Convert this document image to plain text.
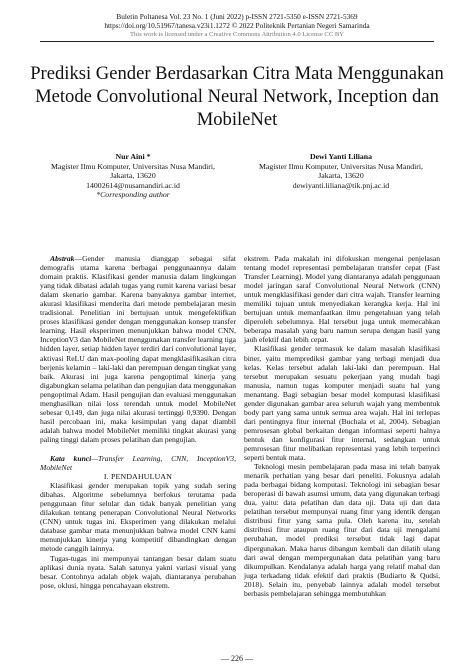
Buletin Poltanesa Vol. 23 No. 1 (Juni 2022) p-ISSN 2721-5350 e-ISSN 2721-5369
https://doi.org/10.51967/tanesa.v23i1.1272 © 2022 Politeknik Pertanian Negeri Samarinda
This work is licensed under a Creative Commons Attribution 4.0 License CC BY
Prediksi Gender Berdasarkan Citra Mata Menggunakan Metode Convolutional Neural Network, Inception dan MobileNet
Nur Aini *
Magister Ilmu Komputer, Universitas Nusa Mandiri,
Jakarta, 13620
14002614@nusamandiri.ac.id
*Corresponding author
Dewi Yanti Liliana
Magister Ilmu Komputer, Universitas Nusa Mandiri,
Jakarta, 13620
dewiyanti.liliana@tik.pnj.ac.id

Abstrak—Gender manusia dianggap sebagai sifat demografis utama karena berbagai penggunaannya dalam domain praktis. Klasifikasi gender manusia dalam lingkungan yang tidak dibatasi adalah tugas yang rumit karena variasi besar dalam skenario gambar. Karena banyaknya gambar internet, akurasi klasifikasi menderita dari metode pembelajaran mesin tradisional. Penelitian ini bertujuan untuk mengefektifkan proses klasifikasi gender dengan menggunakan konsep transfer learning. Hasil eksperimen menunjukkan bahwa model CNN, InceptionV3 dan MobileNet menggunakan transfer learning tiga hidden layer, setiap hidden layer terdiri dari convolutional layer, aktivasi ReLU dan max-pooling dapat mengklasifikasikan citra berjenis kelamin – laki-laki dan perempuan dengan tingkat yang baik. Akurasi ini juga karena pengoptimal kinerja yang digabungkan selama pelatihan dan pengujian data menggunakan pengoptimal Adam. Hasil pengujian dan evaluasi menggunakan menghasilkan nilai loss terendah untuk model MobileNet sebesar 0,149, dan juga nilai akurasi tertinggi 0,9390. Dengan hasil percobaan ini, maka kesimpulan yang dapat diambil adalah bahwa model MobileNet memiliki tingkat akurasi yang paling tinggi dalam proses pelatihan dan pengujian.

Kata kunci—Transfer Learning, CNN, InceptionV3, MobileNet

I. PENDAHULUAN

Klasifikasi gender merupakan topik yang sudah sering dibahas. Algoritme sebelumnya berfokus terutama pada penggunaan fitur selular dan tidak banyak penelitian yang dilakukan tentang penerapan Convolutional Neural Networks (CNN) untuk tugas ini. Eksperimen yang dilakukan melalui database gambar mata menunjukkan bahwa model CNN kami menunjukkan kinerja yang kompetitif dibandingkan dengan metode canggih lainnya.

Tugas-tugas ini mempunyai tantangan besar dalam suatu aplikasi dunia nyata. Salah satunya yakni variasi visual yang besar. Contohnya adalah objek wajah, diantaranya perubahan pose, oklusi, hingga pencahayaan ekstrem.

ekstrem. Pada makalah ini difokuskan mengenai penjelasan tentang model representasi pembelajaran transfer cepat (Fast Transfer Learning). Model yang diantaranya adalah penggunaan model jaringan saraf Convolutional Neural Network (CNN) untuk mengklasifikasi gender dari citra wajah. Transfer learning memiliki tujuan untuk menyediakan kerangka kerja. Hal ini bertujuan untuk memanfaatkan ilmu pengetahuan yang telah diperoleh sebelumnya. Hal tersebut juga untuk memecahkan beberapa masalah yang baru namun serupa dengan hasil yang jauh efektif dan lebih cepat.

Klasifikasi gender termasuk ke dalam masalah klasifikasi biner, yaitu memprediksi gambar yang terbagi menjadi dua kelas. Kelas tersebut adalah laki-laki dan perempuan. Hal tersebut merupakan sesuatu pekerjaan yang mudah bagi manusia, namun tugas komputer menjadi suatu hal yang menantang. Bagi sebagian besar model komputasi klasifikasi gender digunakan gambar area seluruh wajah yang membentuk body part yang sama untuk semua area wajah. Hal ini terlepas dari pentingnya fitur internal (Buchala et al, 2004). Sebagian pemrosesan global berkaitan dengan informasi seperti halnya bentuk dan konfigurasi fitur internal, sedangkan untuk pemrosesan fitur melibatkan representasi yang lebih terperinci seperti bentuk mata.

Teknologi mesin pembelajaran pada masa ini telah banyak menarik perhatian yang besar dari peneliti. Fokusnya adalah pada berbagai bidang komputasi. Teknologi ini sebagian besar beroperasi di bawah asumsi umum, data yang digunakan terbagi dua, yaitu: data pelatihan dan data uji. Data uji dan data pelatihan tersebut mempunyai ruang fitur yang identik dengan distribusi fitur yang sama pula. Oleh karena itu, setelah distribusi fitur ataupun ruang fitur dari data uji mengalami perubahan, model prediksi tersebut tidak lagi dapat dipergunakan. Maka harus dibangun kembali dan dilatih ulang dari awal dengan mempergunakan data pelatihan yang baru dikumpulkan. Kendalanya adalah harga yang relatif mahal dan juga terkadang tidak efektif dari praktis (Budiarto & Qudsi, 2018). Selain itu, penyebab lainnya adalah model tersebut berbasis pembelajaran sehingga membutuhkan

— 226 —
